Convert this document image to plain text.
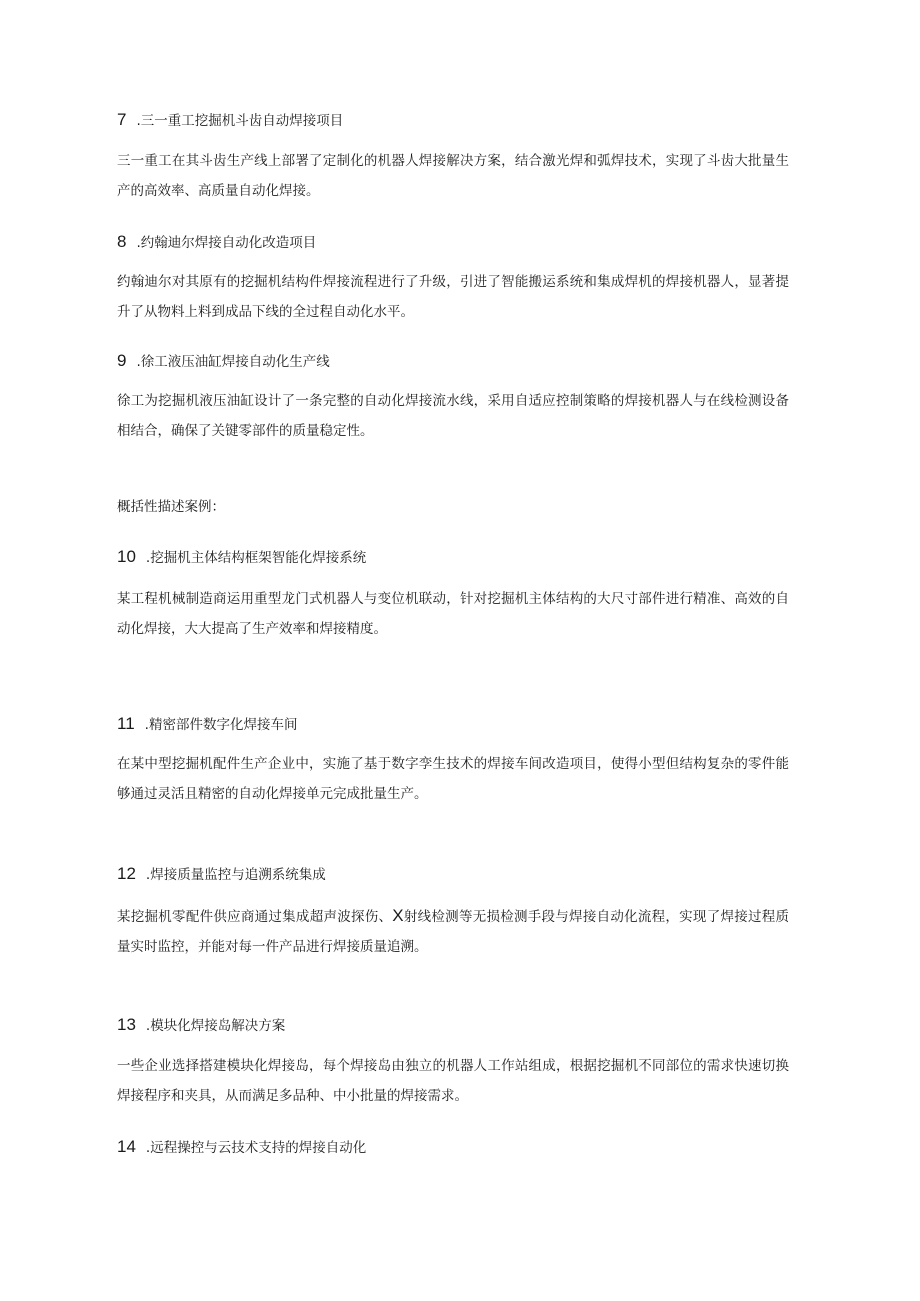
7 .三一重工挖掘机斗齿自动焊接项目
三一重工在其斗齿生产线上部署了定制化的机器人焊接解决方案，结合激光焊和弧焊技术，实现了斗齿大批量生产的高效率、高质量自动化焊接。
8 .约翰迪尔焊接自动化改造项目
约翰迪尔对其原有的挖掘机结构件焊接流程进行了升级，引进了智能搬运系统和集成焊机的焊接机器人，显著提升了从物料上料到成品下线的全过程自动化水平。
9 .徐工液压油缸焊接自动化生产线
徐工为挖掘机液压油缸设计了一条完整的自动化焊接流水线，采用自适应控制策略的焊接机器人与在线检测设备相结合，确保了关键零部件的质量稳定性。
概括性描述案例：
10 .挖掘机主体结构框架智能化焊接系统
某工程机械制造商运用重型龙门式机器人与变位机联动，针对挖掘机主体结构的大尺寸部件进行精准、高效的自动化焊接，大大提高了生产效率和焊接精度。
11 .精密部件数字化焊接车间
在某中型挖掘机配件生产企业中，实施了基于数字孪生技术的焊接车间改造项目，使得小型但结构复杂的零件能够通过灵活且精密的自动化焊接单元完成批量生产。
12 .焊接质量监控与追溯系统集成
某挖掘机零配件供应商通过集成超声波探伤、X射线检测等无损检测手段与焊接自动化流程，实现了焊接过程质量实时监控，并能对每一件产品进行焊接质量追溯。
13 .模块化焊接岛解决方案
一些企业选择搭建模块化焊接岛，每个焊接岛由独立的机器人工作站组成，根据挖掘机不同部位的需求快速切换焊接程序和夹具，从而满足多品种、中小批量的焊接需求。
14 .远程操控与云技术支持的焊接自动化
